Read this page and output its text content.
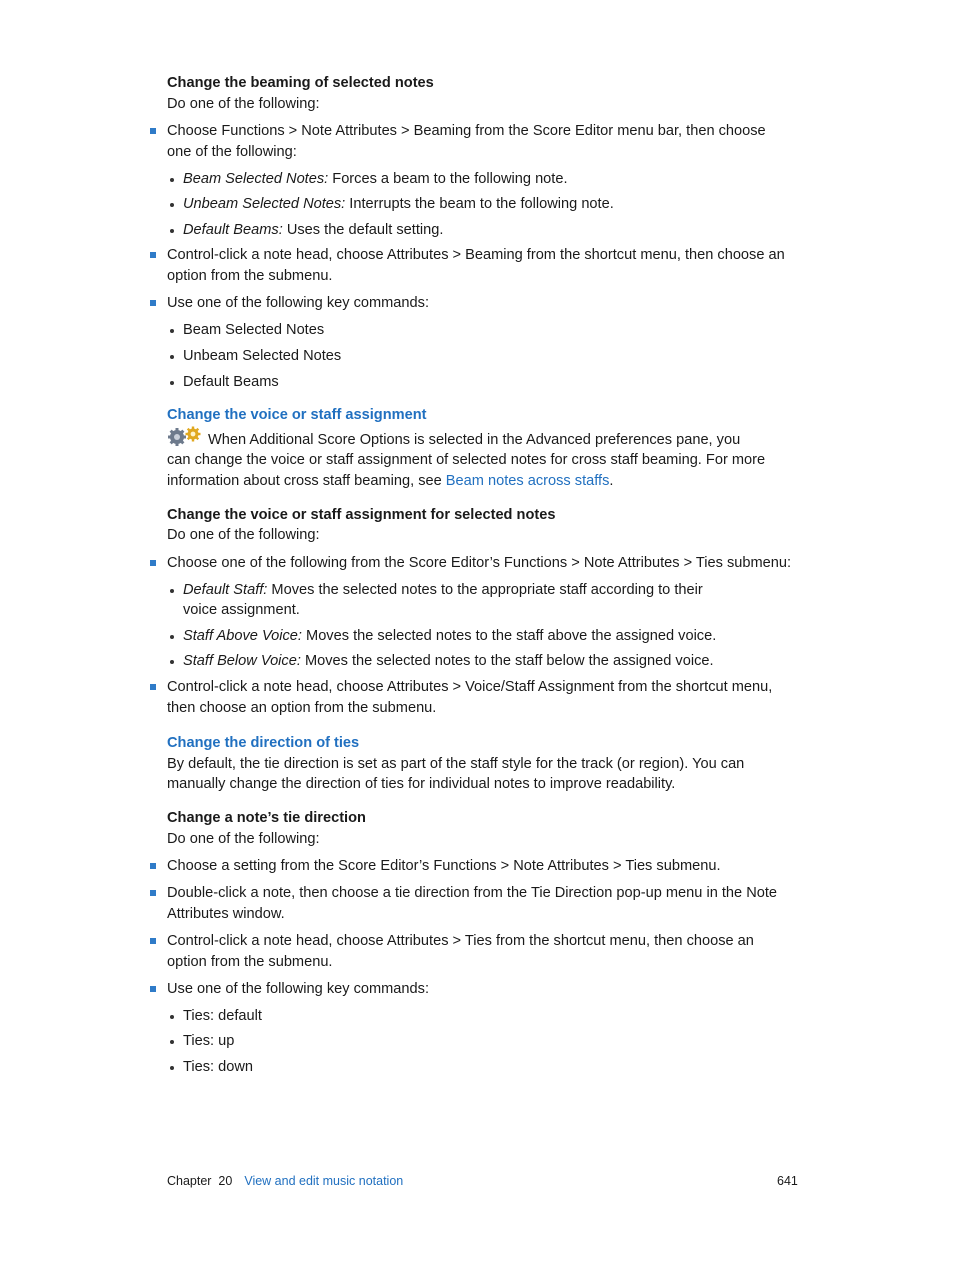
Change the beaming of selected notes
Do one of the following:
Choose Functions > Note Attributes > Beaming from the Score Editor menu bar, then choose
one of the following:
Beam Selected Notes: Forces a beam to the following note.
Unbeam Selected Notes: Interrupts the beam to the following note.
Default Beams: Uses the default setting.
Control-click a note head, choose Attributes > Beaming from the shortcut menu, then choose an
option from the submenu.
Use one of the following key commands:
Beam Selected Notes
Unbeam Selected Notes
Default Beams
Change the voice or staff assignment
When Additional Score Options is selected in the Advanced preferences pane, you
can change the voice or staff assignment of selected notes for cross staff beaming. For more
information about cross staff beaming, see Beam notes across staffs.
Change the voice or staff assignment for selected notes
Do one of the following:
Choose one of the following from the Score Editor’s Functions > Note Attributes > Ties submenu:
Default Staff: Moves the selected notes to the appropriate staff according to their
voice assignment.
Staff Above Voice: Moves the selected notes to the staff above the assigned voice.
Staff Below Voice: Moves the selected notes to the staff below the assigned voice.
Control-click a note head, choose Attributes > Voice/Staff Assignment from the shortcut menu,
then choose an option from the submenu.
Change the direction of ties
By default, the tie direction is set as part of the staff style for the track (or region). You can
manually change the direction of ties for individual notes to improve readability.
Change a note’s tie direction
Do one of the following:
Choose a setting from the Score Editor’s Functions > Note Attributes > Ties submenu.
Double-click a note, then choose a tie direction from the Tie Direction pop-up menu in the Note
Attributes window.
Control-click a note head, choose Attributes > Ties from the shortcut menu, then choose an
option from the submenu.
Use one of the following key commands:
Ties: default
Ties: up
Ties: down
Chapter  20 View and edit music notation	641
